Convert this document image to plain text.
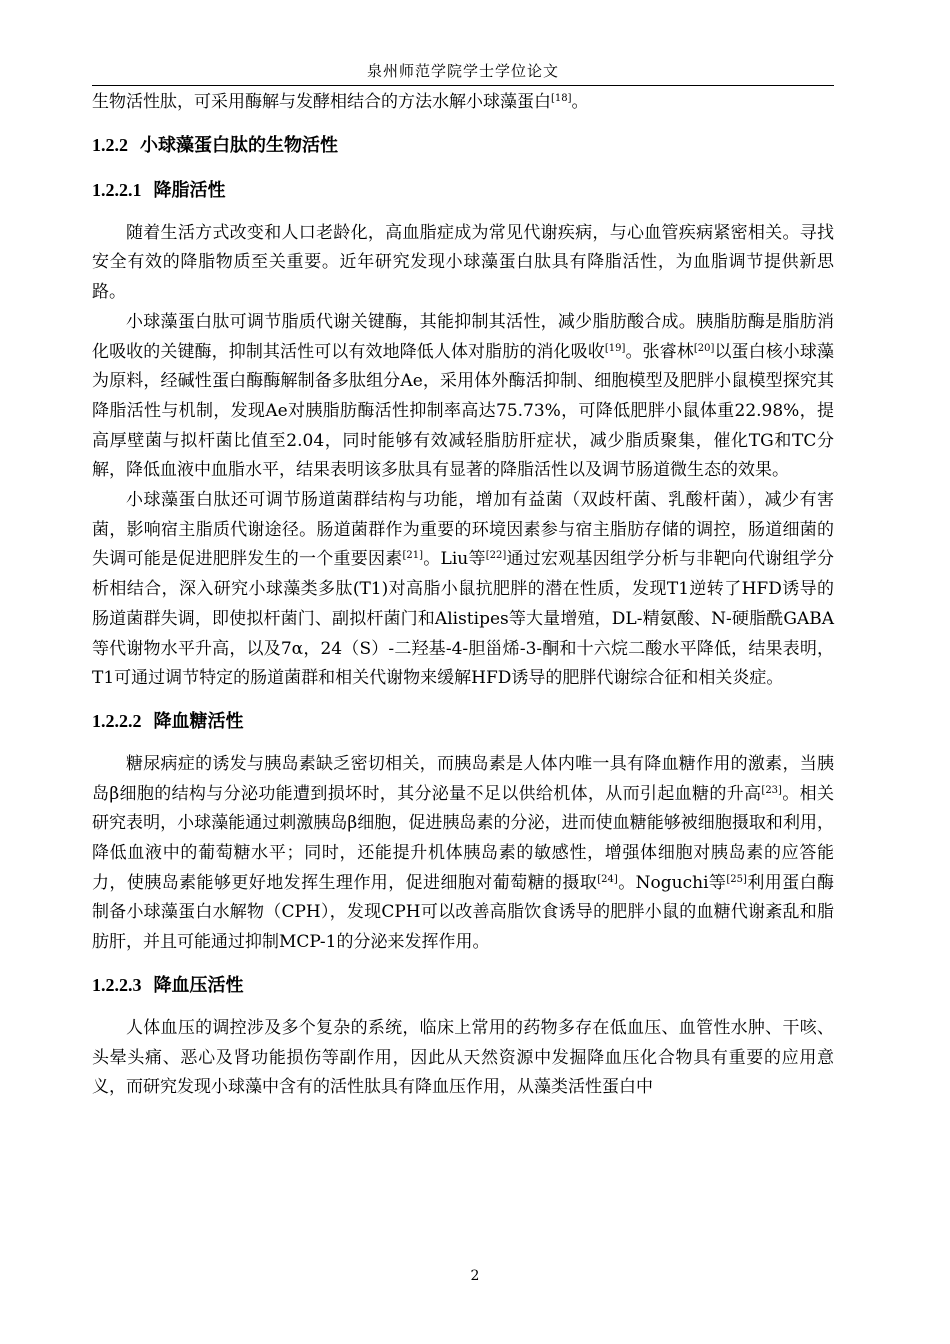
泉州师范学院学士学位论文

生物活性肽，可采用酶解与发酵相结合的方法水解小球藻蛋白[18]。

1.2.2 小球藻蛋白肽的生物活性
1.2.2.1 降脂活性

随着生活方式改变和人口老龄化，高血脂症成为常见代谢疾病，与心血管疾病紧密相关。寻找安全有效的降脂物质至关重要。近年研究发现小球藻蛋白肽具有降脂活性，为血脂调节提供新思路。

小球藻蛋白肽可调节脂质代谢关键酶，其能抑制其活性，减少脂肪酸合成。胰脂肪酶是脂肪消化吸收的关键酶，抑制其活性可以有效地降低人体对脂肪的消化吸收[19]。张睿林[20]以蛋白核小球藻为原料，经碱性蛋白酶酶解制备多肽组分Ae，采用体外酶活抑制、细胞模型及肥胖小鼠模型探究其降脂活性与机制，发现Ae对胰脂肪酶活性抑制率高达75.73%，可降低肥胖小鼠体重22.98%，提高厚壁菌与拟杆菌比值至2.04，同时能够有效减轻脂肪肝症状，减少脂质聚集，催化TG和TC分解，降低血液中血脂水平，结果表明该多肽具有显著的降脂活性以及调节肠道微生态的效果。

小球藻蛋白肽还可调节肠道菌群结构与功能，增加有益菌（双歧杆菌、乳酸杆菌），减少有害菌，影响宿主脂质代谢途径。肠道菌群作为重要的环境因素参与宿主脂肪存储的调控，肠道细菌的失调可能是促进肥胖发生的一个重要因素[21]。Liu等[22]通过宏观基因组学分析与非靶向代谢组学分析相结合，深入研究小球藻类多肽(T1)对高脂小鼠抗肥胖的潜在性质，发现T1逆转了HFD诱导的肠道菌群失调，即使拟杆菌门、副拟杆菌门和Alistipes等大量增殖，DL-精氨酸、N-硬脂酰GABA等代谢物水平升高，以及7α，24（S）-二羟基-4-胆甾烯-3-酮和十六烷二酸水平降低，结果表明，T1可通过调节特定的肠道菌群和相关代谢物来缓解HFD诱导的肥胖代谢综合征和相关炎症。

1.2.2.2 降血糖活性

糖尿病症的诱发与胰岛素缺乏密切相关，而胰岛素是人体内唯一具有降血糖作用的激素，当胰岛β细胞的结构与分泌功能遭到损坏时，其分泌量不足以供给机体，从而引起血糖的升高[23]。相关研究表明，小球藻能通过刺激胰岛β细胞，促进胰岛素的分泌，进而使血糖能够被细胞摄取和利用，降低血液中的葡萄糖水平；同时，还能提升机体胰岛素的敏感性，增强体细胞对胰岛素的应答能力，使胰岛素能够更好地发挥生理作用，促进细胞对葡萄糖的摄取[24]。Noguchi等[25]利用蛋白酶制备小球藻蛋白水解物（CPH），发现CPH可以改善高脂饮食诱导的肥胖小鼠的血糖代谢紊乱和脂肪肝，并且可能通过抑制MCP-1的分泌来发挥作用。

1.2.2.3 降血压活性

人体血压的调控涉及多个复杂的系统，临床上常用的药物多存在低血压、血管性水肿、干咳、头晕头痛、恶心及肾功能损伤等副作用，因此从天然资源中发掘降血压化合物具有重要的应用意义，而研究发现小球藻中含有的活性肽具有降血压作用，从藻类活性蛋白中

2
